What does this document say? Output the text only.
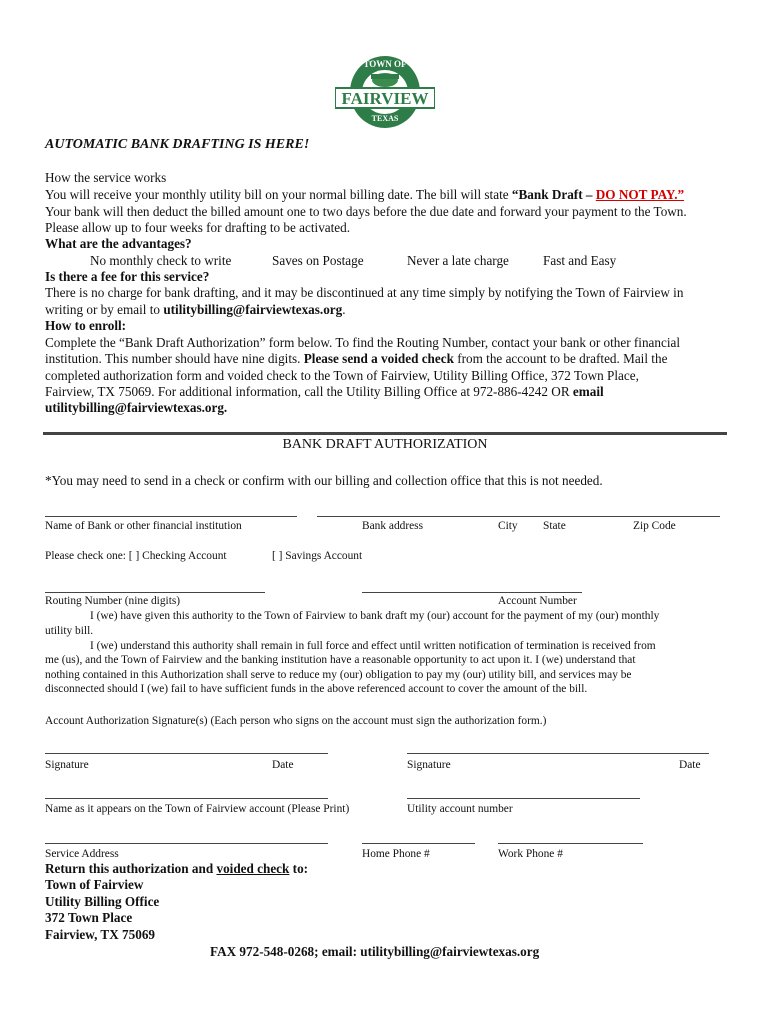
TOWN OF
FAIRVIEW
TEXAS
AUTOMATIC BANK DRAFTING IS HERE!
How the service works
You will receive your monthly utility bill on your normal billing date. The bill will state “Bank Draft – DO NOT PAY.”
Your bank will then deduct the billed amount one to two days before the due date and forward your payment to the Town.
Please allow up to four weeks for drafting to be activated.
What are the advantages?
No monthly check to write	Saves on Postage	Never a late charge	Fast and Easy
Is there a fee for this service?
There is no charge for bank drafting, and it may be discontinued at any time simply by notifying the Town of Fairview in
writing or by email to utilitybilling@fairviewtexas.org.
How to enroll:
Complete the “Bank Draft Authorization” form below. To find the Routing Number, contact your bank or other financial
institution. This number should have nine digits. Please send a voided check from the account to be drafted. Mail the
completed authorization form and voided check to the Town of Fairview, Utility Billing Office, 372 Town Place,
Fairview, TX 75069. For additional information, call the Utility Billing Office at 972-886-4242 OR email
utilitybilling@fairviewtexas.org.
BANK DRAFT AUTHORIZATION
*You may need to send in a check or confirm with our billing and collection office that this is not needed.
Name of Bank or other financial institution	Bank address	City State	Zip Code
Please check one: [ ] Checking Account	[ ] Savings Account
Routing Number (nine digits)	Account Number
I (we) have given this authority to the Town of Fairview to bank draft my (our) account for the payment of my (our) monthly
utility bill.
I (we) understand this authority shall remain in full force and effect until written notification of termination is received from
me (us), and the Town of Fairview and the banking institution have a reasonable opportunity to act upon it. I (we) understand that
nothing contained in this Authorization shall serve to reduce my (our) obligation to pay my (our) utility bill, and services may be
disconnected should I (we) fail to have sufficient funds in the above referenced account to cover the amount of the bill.
Account Authorization Signature(s) (Each person who signs on the account must sign the authorization form.)
Signature	Date	Signature	Date
Name as it appears on the Town of Fairview account (Please Print)	Utility account number
Service Address	Home Phone #	Work Phone #
Return this authorization and voided check to:
Town of Fairview
Utility Billing Office
372 Town Place
Fairview, TX 75069
FAX 972-548-0268; email: utilitybilling@fairviewtexas.org
